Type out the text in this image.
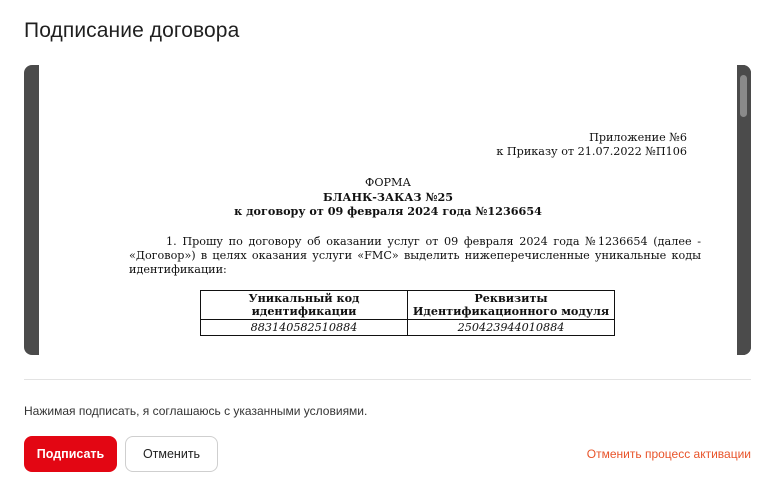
Подписание договора
Приложение №6
к Приказу от 21.07.2022 №П106
ФОРМА
БЛАНК-ЗАКАЗ №25
к договору от 09 февраля 2024 года №1236654
1. Прошу по договору об оказании услуг от 09 февраля 2024 года №1236654 (далее - «Договор») в целях оказания услуги «FMC» выделить нижеперечисленные уникальные коды идентификации:
Уникальный код идентификации	Реквизиты Идентификационного модуля
883140582510884	250423944010884
Нажимая подписать, я соглашаюсь с указанными условиями.
Подписать	Отменить	Отменить процесс активации
